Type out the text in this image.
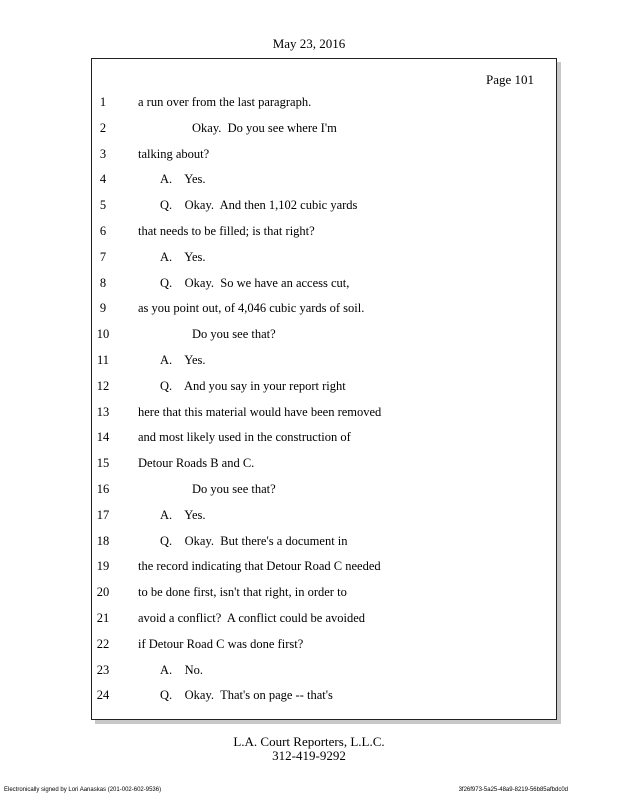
May 23, 2016
Page 101
1	a run over from the last paragraph.
2	Okay.  Do you see where I'm
3	talking about?
4	A.    Yes.
5	Q.    Okay.  And then 1,102 cubic yards
6	that needs to be filled; is that right?
7	A.    Yes.
8	Q.    Okay.  So we have an access cut,
9	as you point out, of 4,046 cubic yards of soil.
10	Do you see that?
11	A.    Yes.
12	Q.    And you say in your report right
13	here that this material would have been removed
14	and most likely used in the construction of
15	Detour Roads B and C.
16	Do you see that?
17	A.    Yes.
18	Q.    Okay.  But there's a document in
19	the record indicating that Detour Road C needed
20	to be done first, isn't that right, in order to
21	avoid a conflict?  A conflict could be avoided
22	if Detour Road C was done first?
23	A.    No.
24	Q.    Okay.  That's on page -- that's
L.A. Court Reporters, L.L.C.
312-419-9292
Electronically signed by Lori Aanaskas (201-002-602-9536)	3f26f973-5a25-48a9-8219-56b85afbdc0d
